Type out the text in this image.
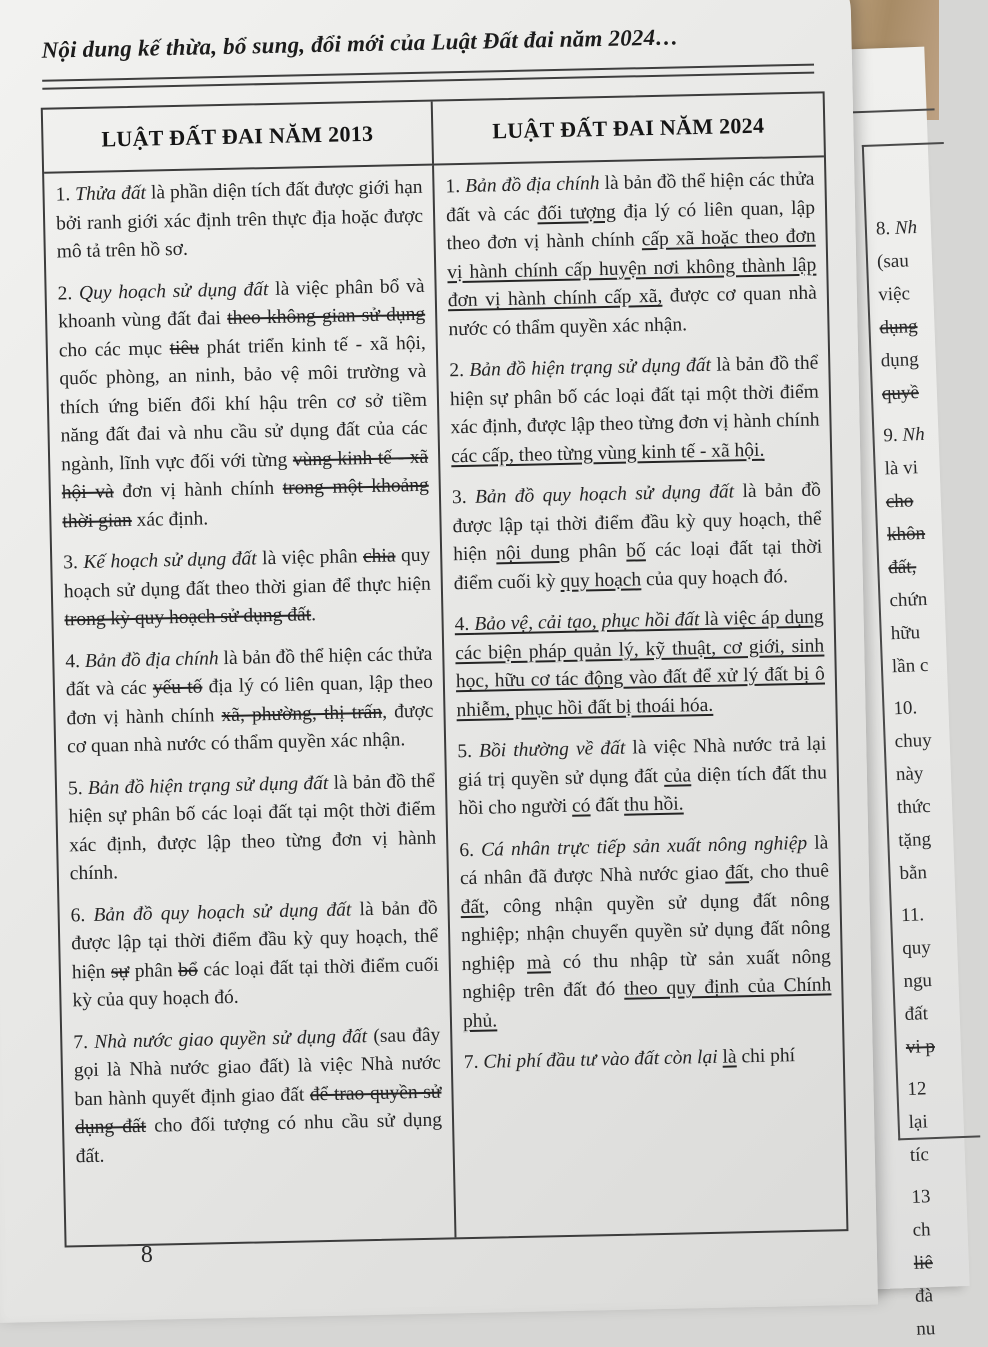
8. Nh
(sau
việc
dụng
dụng
quyề
9. Nh
là vi
cho
khôn
đất,
chứn
hữu
lần c
10.
chuy
này
thức
tặng
bằn
11.
quy
ngu
đất
vi p
12
lại
tíc
13
ch
liê
đà
nu
Nội dung kế thừa, bổ sung, đổi mới của Luật Đất đai năm 2024…
LUẬT ĐẤT ĐAI NĂM 2013	LUẬT ĐẤT ĐAI NĂM 2024

1. Thửa đất là phần diện tích đất được giới hạn bởi ranh giới xác định trên thực địa hoặc được mô tả trên hồ sơ.

2. Quy hoạch sử dụng đất là việc phân bổ và khoanh vùng đất đai theo không gian sử dụng cho các mục tiêu phát triển kinh tế - xã hội, quốc phòng, an ninh, bảo vệ môi trường và thích ứng biến đổi khí hậu trên cơ sở tiềm năng đất đai và nhu cầu sử dụng đất của các ngành, lĩnh vực đối với từng vùng kinh tế - xã hội và đơn vị hành chính trong một khoảng thời gian xác định.

3. Kế hoạch sử dụng đất là việc phân chia quy hoạch sử dụng đất theo thời gian để thực hiện trong kỳ quy hoạch sử dụng đất.

4. Bản đồ địa chính là bản đồ thể hiện các thửa đất và các yếu tố địa lý có liên quan, lập theo đơn vị hành chính xã, phường, thị trấn, được cơ quan nhà nước có thẩm quyền xác nhận.

5. Bản đồ hiện trạng sử dụng đất là bản đồ thể hiện sự phân bố các loại đất tại một thời điểm xác định, được lập theo từng đơn vị hành chính.

6. Bản đồ quy hoạch sử dụng đất là bản đồ được lập tại thời điểm đầu kỳ quy hoạch, thể hiện sự phân bổ các loại đất tại thời điểm cuối kỳ của quy hoạch đó.

7. Nhà nước giao quyền sử dụng đất (sau đây gọi là Nhà nước giao đất) là việc Nhà nước ban hành quyết định giao đất để trao quyền sử dụng đất cho đối tượng có nhu cầu sử dụng đất.

1. Bản đồ địa chính là bản đồ thể hiện các thửa đất và các đối tượng địa lý có liên quan, lập theo đơn vị hành chính cấp xã hoặc theo đơn vị hành chính cấp huyện nơi không thành lập đơn vị hành chính cấp xã, được cơ quan nhà nước có thẩm quyền xác nhận.

2. Bản đồ hiện trạng sử dụng đất là bản đồ thể hiện sự phân bố các loại đất tại một thời điểm xác định, được lập theo từng đơn vị hành chính các cấp, theo từng vùng kinh tế - xã hội.

3. Bản đồ quy hoạch sử dụng đất là bản đồ được lập tại thời điểm đầu kỳ quy hoạch, thể hiện nội dung phân bố các loại đất tại thời điểm cuối kỳ quy hoạch của quy hoạch đó.

4. Bảo vệ, cải tạo, phục hồi đất là việc áp dụng các biện pháp quản lý, kỹ thuật, cơ giới, sinh học, hữu cơ tác động vào đất để xử lý đất bị ô nhiễm, phục hồi đất bị thoái hóa.

5. Bồi thường về đất là việc Nhà nước trả lại giá trị quyền sử dụng đất của diện tích đất thu hồi cho người có đất thu hồi.

6. Cá nhân trực tiếp sản xuất nông nghiệp là cá nhân đã được Nhà nước giao đất, cho thuê đất, công nhận quyền sử dụng đất nông nghiệp; nhận chuyển quyền sử dụng đất nông nghiệp mà có thu nhập từ sản xuất nông nghiệp trên đất đó theo quy định của Chính phủ.

7. Chi phí đầu tư vào đất còn lại là chi phí

8
